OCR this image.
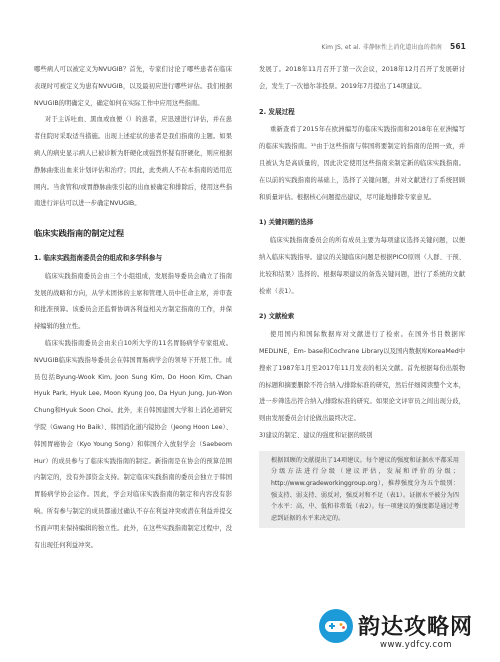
Kim JS, et al. 非静脉性上消化道出血的指南 561

哪些病人可以被定义为NVUGIB？首先，专家们讨论了哪些患者在临床表现时可被定义为患有NVUGIB，以及最初应进行哪些评估。我们根据NVUGIB的明确定义，确定如何在实际工作中应用这些指南。

对于主诉吐血、黑血或血便（）的患者，应迅速进行评估，并在患者住院时采取适当措施。出现上述症状的患者是我们指南的主题。如果病人的病史显示病人已被诊断为肝硬化或强烈怀疑有肝硬化，则应根据静脉曲张出血来计划评估和治疗；因此，此类病人不在本指南的适用范围内。当食管和/或胃静脉曲张引起的出血被确定和排除后，使用这些指南进行评估可以进一步确定NVUGIB。

临床实践指南的制定过程
1. 临床实践指南委员会的组成和多学科参与

临床实践指南委员会由三个小组组成，发展指导委员会确立了指南发展的战略和方向，从学术团体的主席和管理人员中任命主席，并审查和批准预算。该委员会还监督协调各利益相关方制定指南的工作，并保持编辑的独立性。

临床实践指南委员会由来自10所大学的11名胃肠病学专家组成。NVUGIB临床实践指导委员会在韩国胃肠病学会的领导下开展工作。成员包括Byung-Wook Kim, Joon Sung Kim, Do Hoon Kim, Chan Hyuk Park, Hyuk Lee, Moon Kyung Joo, Da Hyun Jung, Jun-Won Chung和Hyuk Soon Choi。此外，来自韩国建国大学和上消化道研究学院（Gwang Ho Baik）、韩国消化道内镜协会（Jeong Hoon Lee）、韩国胃癌协会（Kyo Young Song）和韩国介入放射学会（Saebeom Hur）的成员参与了临床实践指南的制定。新指南是在协会的预算范围内制定的，没有外部资金支持。制定临床实践指南的委员会独立于韩国胃肠病学协会运作。因此，学会对临床实践指南的制定和内容没有影响。所有参与制定的成员都通过确认不存在利益冲突或潜在利益并提交书面声明来保持编辑的独立性。此外，在这些实践指南制定过程中，没有出现任何利益冲突。

发展了。2018年11月召开了第一次会议，2018年12月召开了发展研讨会，发生了一次德尔菲投票。2019年7月提出了14项建议。

2. 发展过程

重新查看了2015年在欧洲编写的临床实践指南和2018年在亚洲编写的临床实践指南。¹⁵由于这些指南与韩国将要制定的指南的范围一致，并且被认为是高质量的，因此决定使用这些指南来制定新的临床实践指南。在以前的实践指南的基础上，选择了关键问题，并对文献进行了系统回顾和质量评估。根据核心问题提出建议，尽可能地排除专家意见。

1) 关键问题的选择

临床实践指南委员会的所有成员主要为每项建议选择关键问题，以便纳入临床实践指导。建议的关键临床问题是根据PICO原则（人群、干预、比较和结果）选择的。根据每项建议的备选关键问题，进行了系统的文献检索（表1）。

2) 文献检索

使用国内和国际数据库对文献进行了检索。在国外书目数据库MEDLINE，Em- base和Cochrane Library以及国内数据库KoreaMed中搜索了1987年1月至2017年11月发表的相关文献。首先根据每份出版物的标题和摘要删除不符合纳入/排除标准的研究，然后仔细阅读整个文本，进一步筛选出符合纳入/排除标准的研究。如果论文评审员之间出现分歧，则由发展委员会讨论做出最终决定。

3)建议的制定、建议的强度和证据的级别

根据回顾的文献提出了14项建议。每个建议的强度和证据水平都采用分级方法进行分级（建议评估，发展和评价的分级；http://www.gradeworkinggroup.org），推荐强度分为五个级别：强支持、弱支持、弱反对，强反对和不足（表1）。证据水平被分为四个水平：高、中、低和非常低（表2）。每一项建议的强度都是通过考虑到证据的水平来决定的。
韵达攻略网
www.ydfcy.com
